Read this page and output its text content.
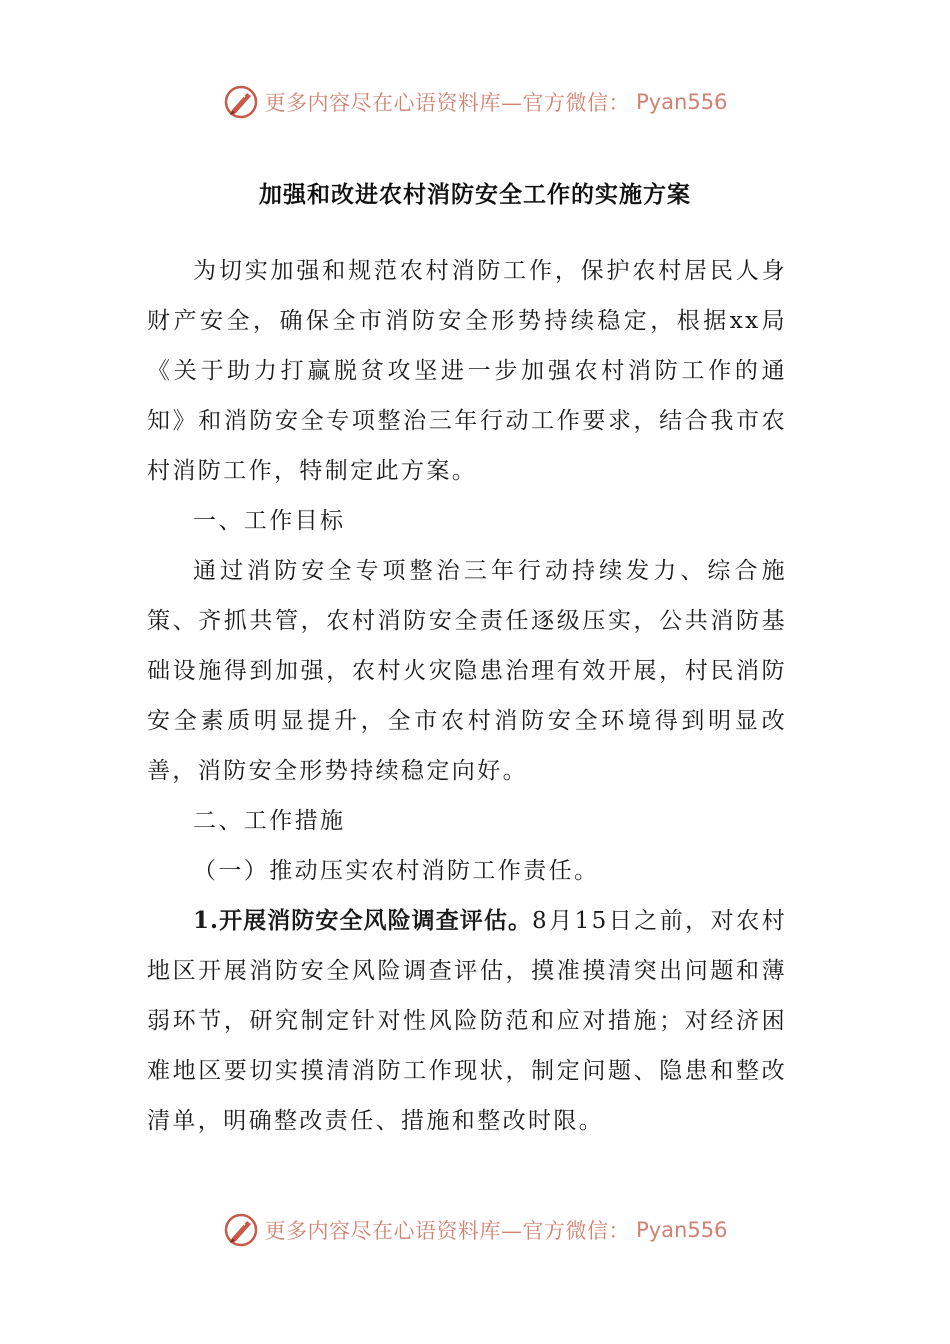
更多内容尽在心语资料库—官方微信： Pyan556
加强和改进农村消防安全工作的实施方案

为切实加强和规范农村消防工作，保护农村居民人身财产安全，确保全市消防安全形势持续稳定，根据xx局《关于助力打赢脱贫攻坚进一步加强农村消防工作的通知》和消防安全专项整治三年行动工作要求，结合我市农村消防工作，特制定此方案。

一、工作目标

通过消防安全专项整治三年行动持续发力、综合施策、齐抓共管，农村消防安全责任逐级压实，公共消防基础设施得到加强，农村火灾隐患治理有效开展，村民消防安全素质明显提升，全市农村消防安全环境得到明显改善，消防安全形势持续稳定向好。

二、工作措施

（一）推动压实农村消防工作责任。

1.开展消防安全风险调查评估。8月15日之前，对农村地区开展消防安全风险调查评估，摸准摸清突出问题和薄弱环节，研究制定针对性风险防范和应对措施；对经济困难地区要切实摸清消防工作现状，制定问题、隐患和整改清单，明确整改责任、措施和整改时限。

更多内容尽在心语资料库—官方微信： Pyan556
